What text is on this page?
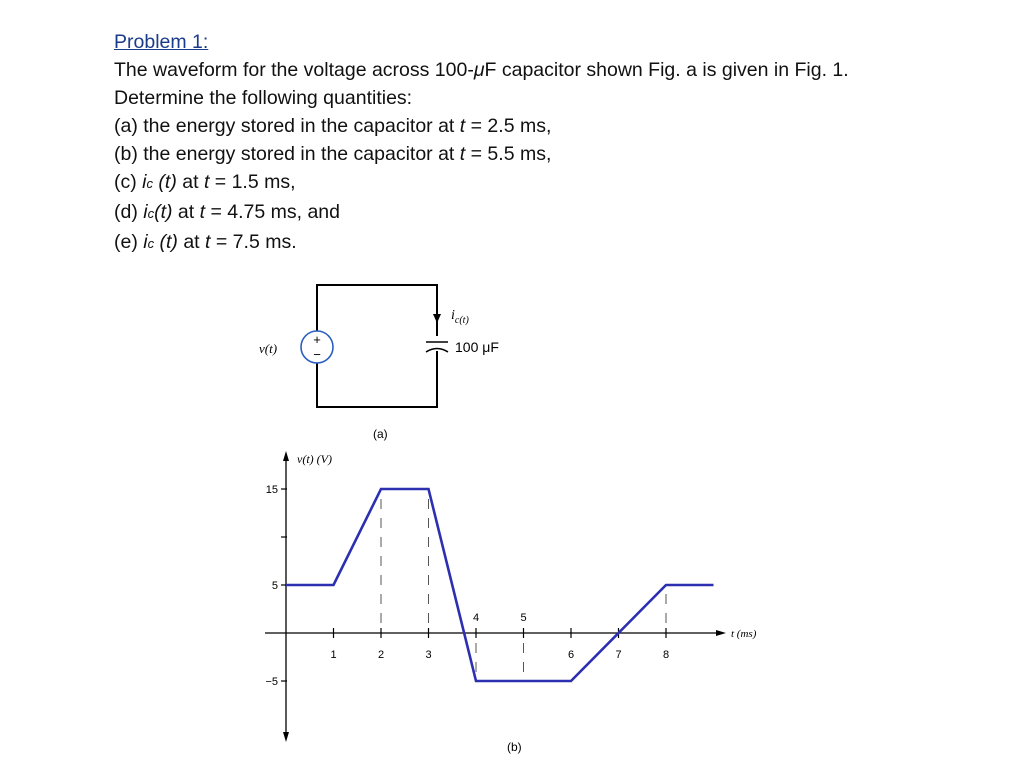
Problem 1:
The waveform for the voltage across 100-μF capacitor shown Fig. a is given in Fig. 1.
Determine the following quantities:
(a) the energy stored in the capacitor at t = 2.5 ms,
(b) the energy stored in the capacitor at t = 5.5 ms,
(c) ic (t) at t = 1.5 ms,
(d) ic(t) at t = 4.75 ms, and
(e) ic (t) at t = 7.5 ms.
+
−
v(t)
$i_{c(t)}$
100 μF
(a)
v(t) (V)
t (ms)
15
5
−5
1	2	3
4	5
6	7	8
(b)
